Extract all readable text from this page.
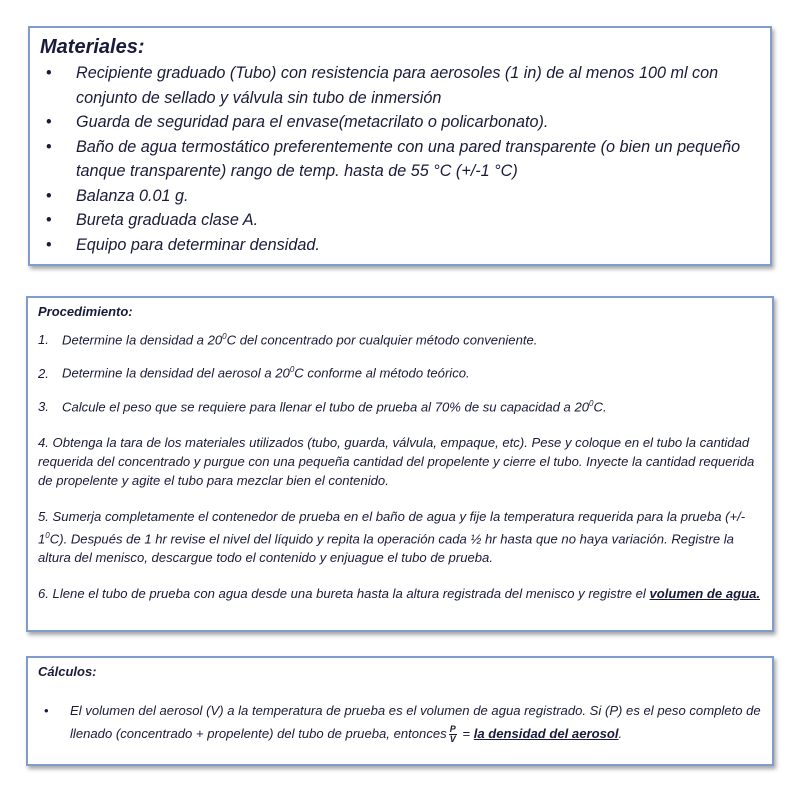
Materiales:
• Recipiente graduado (Tubo) con resistencia para aerosoles (1 in) de al menos 100 ml con conjunto de sellado y válvula sin tubo de inmersión
• Guarda de seguridad para el envase(metacrilato o policarbonato).
• Baño de agua termostático preferentemente con una pared transparente (o bien un pequeño tanque transparente) rango de temp. hasta de 55 °C (+/-1 °C)
• Balanza 0.01 g.
• Bureta graduada clase A.
• Equipo para determinar densidad.
Procedimiento:

1. Determine la densidad a $20^0C$ del concentrado por cualquier método conveniente.

2. Determine la densidad del aerosol a $20^0C$ conforme al método teórico.

3. Calcule el peso que se requiere para llenar el tubo de prueba al 70% de su capacidad a $20^0C$.

4. Obtenga la tara de los materiales utilizados (tubo, guarda, válvula, empaque, etc). Pese y coloque en el tubo la cantidad requerida del concentrado y purgue con una pequeña cantidad del propelente y cierre el tubo. Inyecte la cantidad requerida de propelente y agite el tubo para mezclar bien el contenido.

5. Sumerja completamente el contenedor de prueba en el baño de agua y fije la temperatura requerida para la prueba (+/- $1^0C$). Después de 1 hr revise el nivel del líquido y repita la operación cada ½ hr hasta que no haya variación. Registre la altura del menisco, descargue todo el contenido y enjuague el tubo de prueba.

6. Llene el tubo de prueba con agua desde una bureta hasta la altura registrada del menisco y registre el volumen de agua.

Cálculos:
• El volumen del aerosol (V) a la temperatura de prueba es el volumen de agua registrado. Si (P) es el peso completo de llenado (concentrado + propelente) del tubo de prueba, entonces $\frac{P}{V}$ = la densidad del aerosol.
